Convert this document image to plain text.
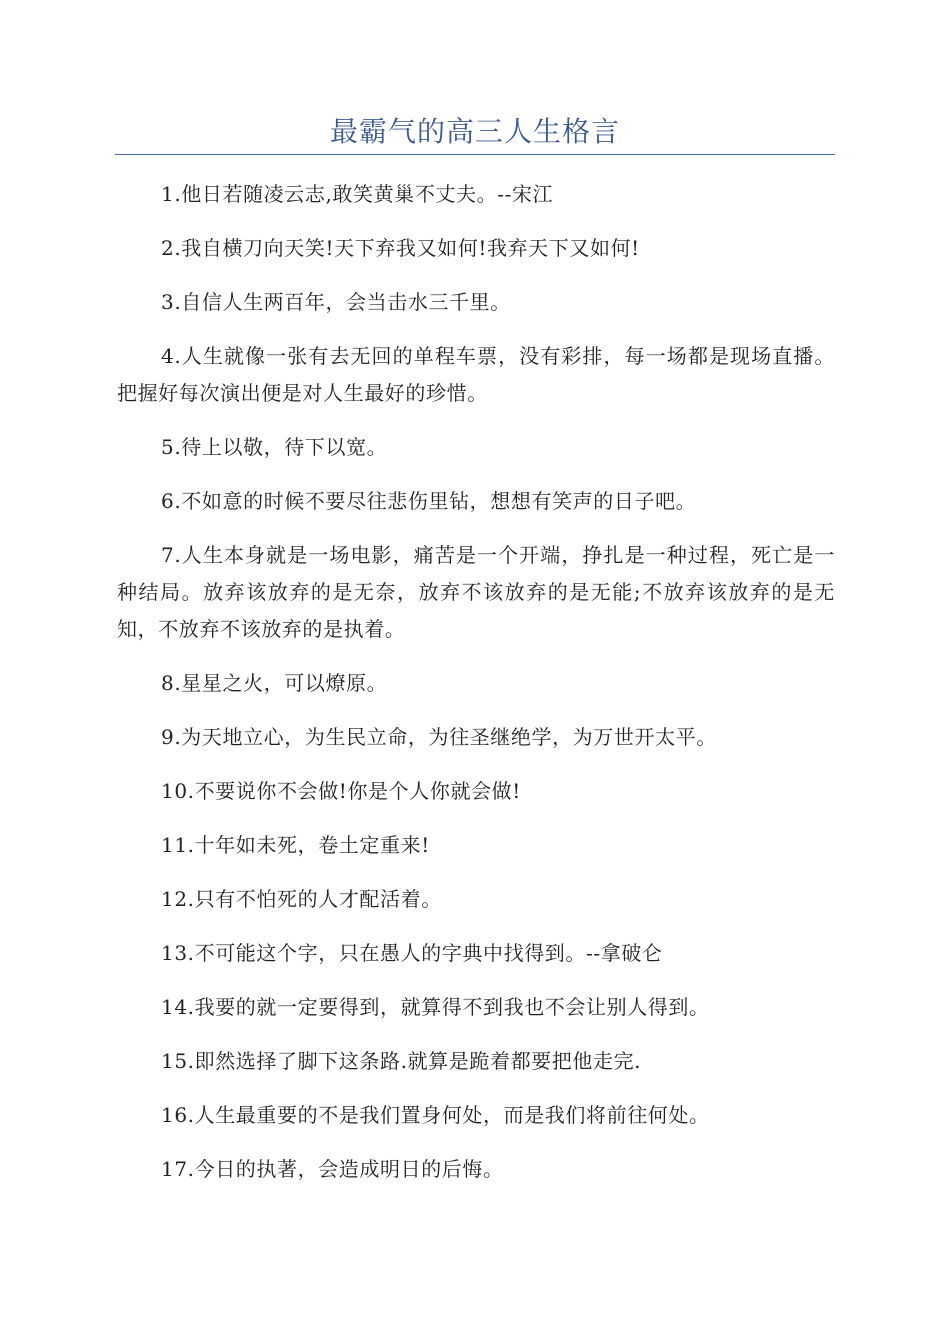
最霸气的高三人生格言

1.他日若随凌云志,敢笑黄巢不丈夫。--宋江

2.我自横刀向天笑!天下弃我又如何!我弃天下又如何!

3.自信人生两百年，会当击水三千里。

4.人生就像一张有去无回的单程车票，没有彩排，每一场都是现场直播。把握好每次演出便是对人生最好的珍惜。

5.待上以敬，待下以宽。

6.不如意的时候不要尽往悲伤里钻，想想有笑声的日子吧。

7.人生本身就是一场电影，痛苦是一个开端，挣扎是一种过程，死亡是一种结局。放弃该放弃的是无奈，放弃不该放弃的是无能;不放弃该放弃的是无知，不放弃不该放弃的是执着。

8.星星之火，可以燎原。

9.为天地立心，为生民立命，为往圣继绝学，为万世开太平。

10.不要说你不会做!你是个人你就会做!

11.十年如未死，卷土定重来!

12.只有不怕死的人才配活着。

13.不可能这个字，只在愚人的字典中找得到。--拿破仑

14.我要的就一定要得到，就算得不到我也不会让别人得到。

15.即然选择了脚下这条路.就算是跪着都要把他走完.

16.人生最重要的不是我们置身何处，而是我们将前往何处。

17.今日的执著，会造成明日的后悔。
